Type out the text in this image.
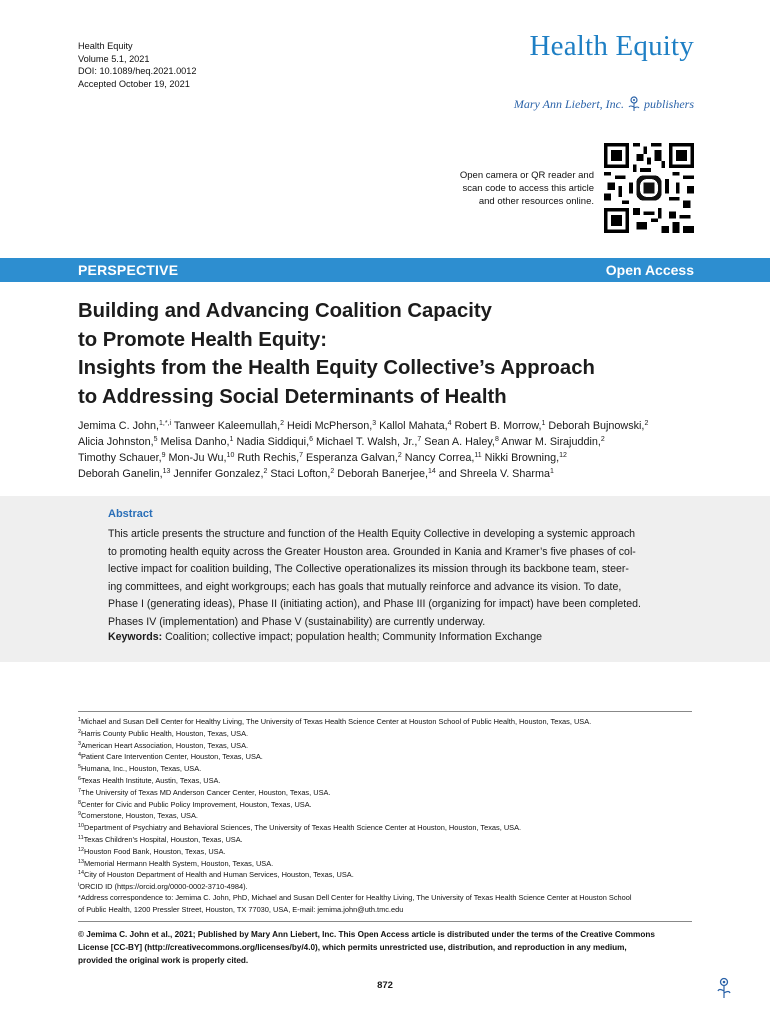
Health Equity
Volume 5.1, 2021
DOI: 10.1089/heq.2021.0012
Accepted October 19, 2021
Health Equity
Mary Ann Liebert, Inc. publishers
Open camera or QR reader and
scan code to access this article
and other resources online.
PERSPECTIVE	Open Access
Building and Advancing Coalition Capacity
to Promote Health Equity:
Insights from the Health Equity Collective’s Approach
to Addressing Social Determinants of Health
Jemima C. John,$^{1,*,i}$ Tanweer Kaleemullah,$^2$ Heidi McPherson,$^3$ Kallol Mahata,$^4$ Robert B. Morrow,$^1$ Deborah Bujnowski,$^2$
Alicia Johnston,$^5$ Melisa Danho,$^1$ Nadia Siddiqui,$^6$ Michael T. Walsh, Jr.,$^7$ Sean A. Haley,$^8$ Anwar M. Sirajuddin,$^2$
Timothy Schauer,$^9$ Mon-Ju Wu,$^{10}$ Ruth Rechis,$^7$ Esperanza Galvan,$^2$ Nancy Correa,$^{11}$ Nikki Browning,$^{12}$
Deborah Ganelin,$^{13}$ Jennifer Gonzalez,$^2$ Staci Lofton,$^2$ Deborah Banerjee,$^{14}$ and Shreela V. Sharma$^1$
Abstract
This article presents the structure and function of the Health Equity Collective in developing a systemic approach
to promoting health equity across the Greater Houston area. Grounded in Kania and Kramer’s five phases of col-
lective impact for coalition building, The Collective operationalizes its mission through its backbone team, steer-
ing committees, and eight workgroups; each has goals that mutually reinforce and advance its vision. To date,
Phase I (generating ideas), Phase II (initiating action), and Phase III (organizing for impact) have been completed.
Phases IV (implementation) and Phase V (sustainability) are currently underway.
Keywords: Coalition; collective impact; population health; Community Information Exchange
$^1$Michael and Susan Dell Center for Healthy Living, The University of Texas Health Science Center at Houston School of Public Health, Houston, Texas, USA.
$^2$Harris County Public Health, Houston, Texas, USA.
$^3$American Heart Association, Houston, Texas, USA.
$^4$Patient Care Intervention Center, Houston, Texas, USA.
$^5$Humana, Inc., Houston, Texas, USA.
$^6$Texas Health Institute, Austin, Texas, USA.
$^7$The University of Texas MD Anderson Cancer Center, Houston, Texas, USA.
$^8$Center for Civic and Public Policy Improvement, Houston, Texas, USA.
$^9$Cornerstone, Houston, Texas, USA.
$^{10}$Department of Psychiatry and Behavioral Sciences, The University of Texas Health Science Center at Houston, Houston, Texas, USA.
$^{11}$Texas Children’s Hospital, Houston, Texas, USA.
$^{12}$Houston Food Bank, Houston, Texas, USA.
$^{13}$Memorial Hermann Health System, Houston, Texas, USA.
$^{14}$City of Houston Department of Health and Human Services, Houston, Texas, USA.
$^i$ORCID ID (https://orcid.org/0000-0002-3710-4984).
*Address correspondence to: Jemima C. John, PhD, Michael and Susan Dell Center for Healthy Living, The University of Texas Health Science Center at Houston School
of Public Health, 1200 Pressler Street, Houston, TX 77030, USA, E-mail: jemima.john@uth.tmc.edu
© Jemima C. John et al., 2021; Published by Mary Ann Liebert, Inc. This Open Access article is distributed under the terms of the Creative Commons
License [CC-BY] (http://creativecommons.org/licenses/by/4.0), which permits unrestricted use, distribution, and reproduction in any medium,
provided the original work is properly cited.
872
